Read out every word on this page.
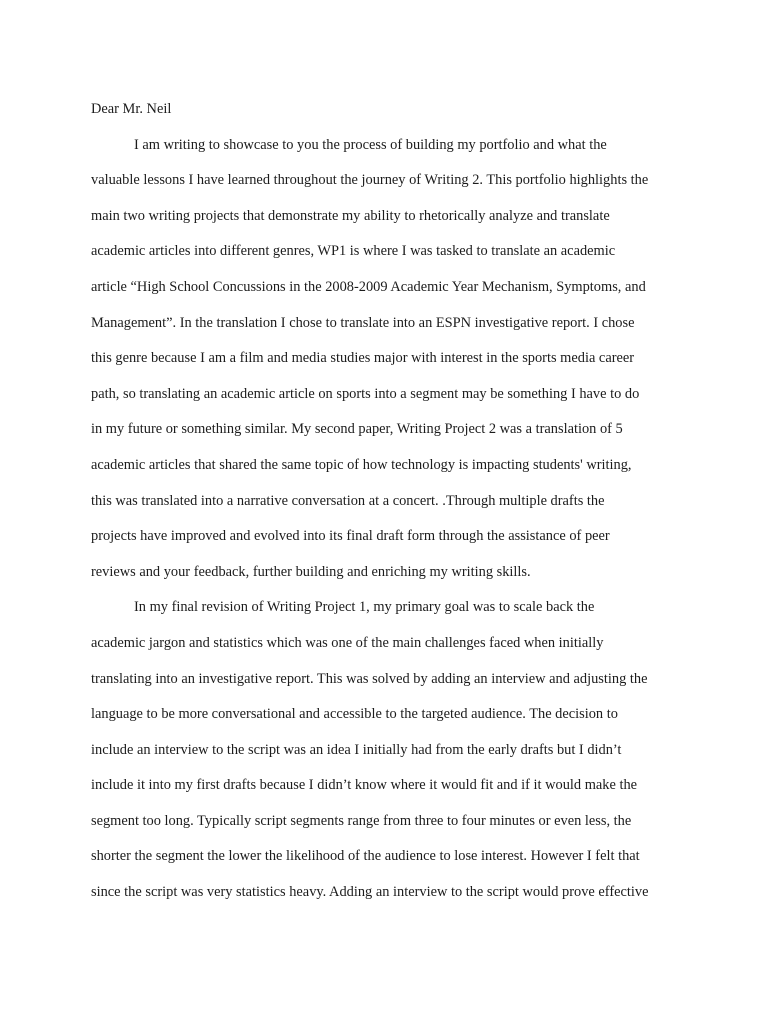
Dear Mr. Neil

I am writing to showcase to you the process of building my portfolio and what the

valuable lessons I have learned throughout the journey of Writing 2. This portfolio highlights the

main two writing projects that demonstrate my ability to rhetorically analyze and translate

academic articles into different genres, WP1 is where I was tasked to translate an academic

article “High School Concussions in the 2008-2009 Academic Year Mechanism, Symptoms, and

Management”. In the translation I chose to translate into an ESPN investigative report. I chose

this genre because I am a film and media studies major with interest in the sports media career

path, so translating an academic article on sports into a segment may be something I have to do

in my future or something similar. My second paper, Writing Project 2 was a translation of 5

academic articles that shared the same topic of how technology is impacting students' writing,

this was translated into a narrative conversation at a concert. .Through multiple drafts the

projects have improved and evolved into its final draft form through the assistance of peer

reviews and your feedback, further building and enriching my writing skills.

In my final revision of Writing Project 1, my primary goal was to scale back the

academic jargon and statistics which was one of the main challenges faced when initially

translating into an investigative report. This was solved by adding an interview and adjusting the

language to be more conversational and accessible to the targeted audience. The decision to

include an interview to the script was an idea I initially had from the early drafts but I didn’t

include it into my first drafts because I didn’t know where it would fit and if it would make the

segment too long. Typically script segments range from three to four minutes or even less, the

shorter the segment the lower the likelihood of the audience to lose interest. However I felt that

since the script was very statistics heavy. Adding an interview to the script would prove effective
